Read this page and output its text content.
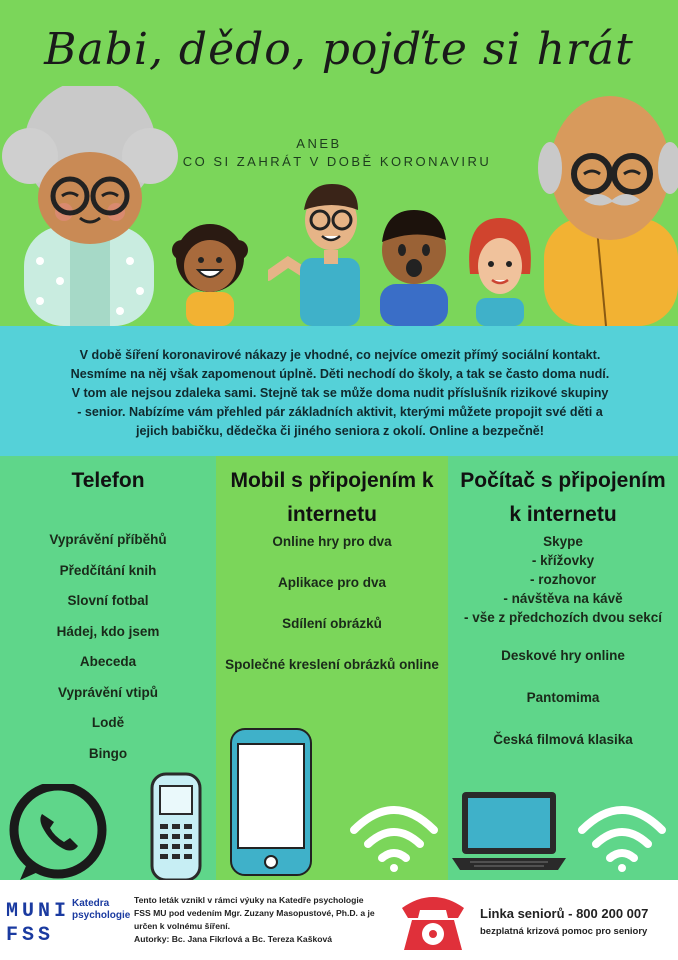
Babi, dědo, pojďte si hrát
ANEB
CO SI ZAHRÁT V DOBĚ KORONAVIRU

V době šíření koronavirové nákazy je vhodné, co nejvíce omezit přímý sociální kontakt. Nesmíme na něj však zapomenout úplně. Děti nechodí do školy, a tak se často doma nudí. V tom ale nejsou zdaleka sami. Stejně tak se může doma nudit příslušník rizikové skupiny - senior. Nabízíme vám přehled pár základních aktivit, kterými můžete propojit své děti a jejich babičku, dědečka či jiného seniora z okolí. Online a bezpečně!

Telefon
Vyprávění příběhů
Předčítání knih
Slovní fotbal
Hádej, kdo jsem
Abeceda
Vyprávění vtipů
Lodě
Bingo
Mobil s připojením k
internetu
Online hry pro dva
Aplikace pro dva
Sdílení obrázků
Společné kreslení obrázků online
Počítač s připojením
k internetu
Skype
- křížovky
- rozhovor
- návštěva na kávě
- vše z předchozích dvou sekcí
Deskové hry online
Pantomima
Česká filmová klasika
MUNI
FSS
Katedra
psychologie
Tento leták vznikl v rámci výuky na Katedře psychologie
FSS MU pod vedením Mgr. Zuzany Masopustové, Ph.D. a je
určen k volnému šíření.
Autorky: Bc. Jana Fikrlová a Bc. Tereza Kašková
Linka seniorů - 800 200 007
bezplatná krizová pomoc pro seniory
